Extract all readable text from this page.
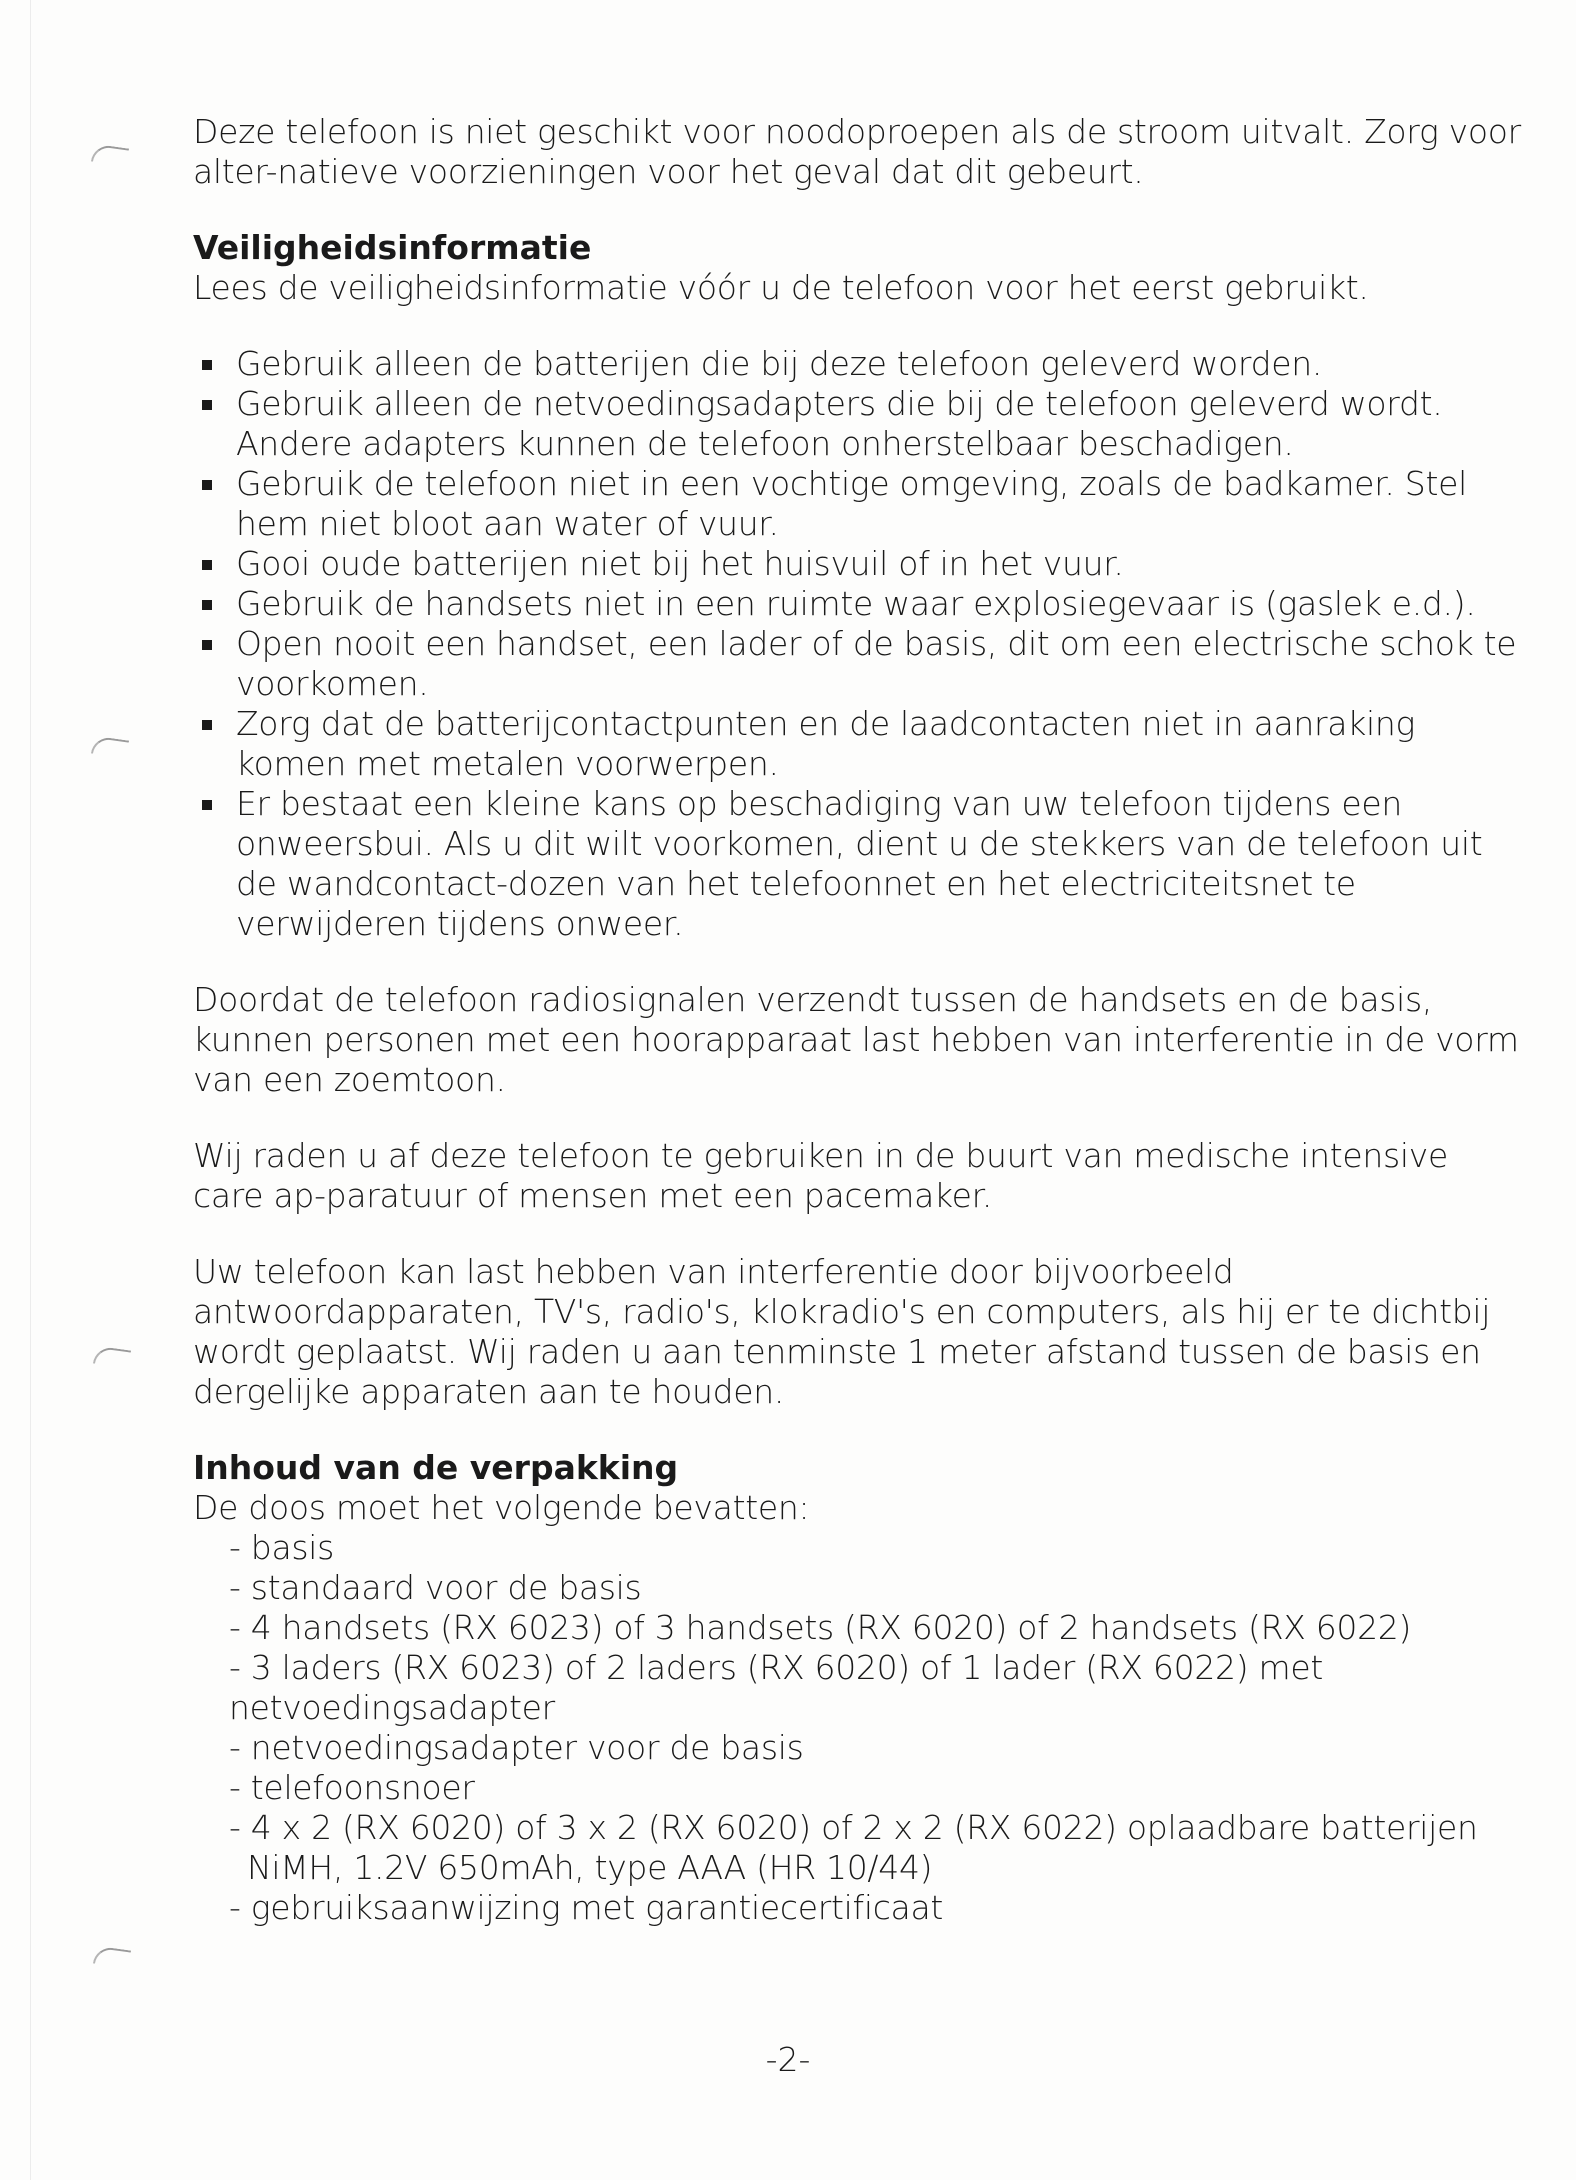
Deze telefoon is niet geschikt voor noodoproepen als de stroom uitvalt. Zorg voor alter-natieve voorzieningen voor het geval dat dit gebeurt.

Veiligheidsinformatie

Lees de veiligheidsinformatie vóór u de telefoon voor het eerst gebruikt.

Gebruik alleen de batterijen die bij deze telefoon geleverd worden.
Gebruik alleen de netvoedingsadapters die bij de telefoon geleverd wordt. Andere adapters kunnen de telefoon onherstelbaar beschadigen.
Gebruik de telefoon niet in een vochtige omgeving, zoals de badkamer. Stel hem niet bloot aan water of vuur.
Gooi oude batterijen niet bij het huisvuil of in het vuur.
Gebruik de handsets niet in een ruimte waar explosiegevaar is (gaslek e.d.).
Open nooit een handset, een lader of de basis, dit om een electrische schok te voorkomen.
Zorg dat de batterijcontactpunten en de laadcontacten niet in aanraking komen met metalen voorwerpen.
Er bestaat een kleine kans op beschadiging van uw telefoon tijdens een onweersbui. Als u dit wilt voorkomen, dient u de stekkers van de telefoon uit de wandcontact-dozen van het telefoonnet en het electriciteitsnet te verwijderen tijdens onweer.

Doordat de telefoon radiosignalen verzendt tussen de handsets en de basis, kunnen personen met een hoorapparaat last hebben van interferentie in de vorm van een zoemtoon.

Wij raden u af deze telefoon te gebruiken in de buurt van medische intensive care ap-paratuur of mensen met een pacemaker.

Uw telefoon kan last hebben van interferentie door bijvoorbeeld antwoordapparaten, TV's, radio's, klokradio's en computers, als hij er te dichtbij wordt geplaatst. Wij raden u aan tenminste 1 meter afstand tussen de basis en dergelijke apparaten aan te houden.

Inhoud van de verpakking

De doos moet het volgende bevatten:

- basis
- standaard voor de basis
- 4 handsets (RX 6023) of 3 handsets (RX 6020) of 2 handsets (RX 6022)
- 3 laders (RX 6023) of 2 laders (RX 6020) of 1 lader (RX 6022) met netvoedingsadapter
- netvoedingsadapter voor de basis
- telefoonsnoer
- 4 x 2 (RX 6020) of 3 x 2 (RX 6020) of 2 x 2 (RX 6022) oplaadbare batterijen
NiMH, 1.2V 650mAh, type AAA (HR 10/44)
- gebruiksaanwijzing met garantiecertificaat
-2-
